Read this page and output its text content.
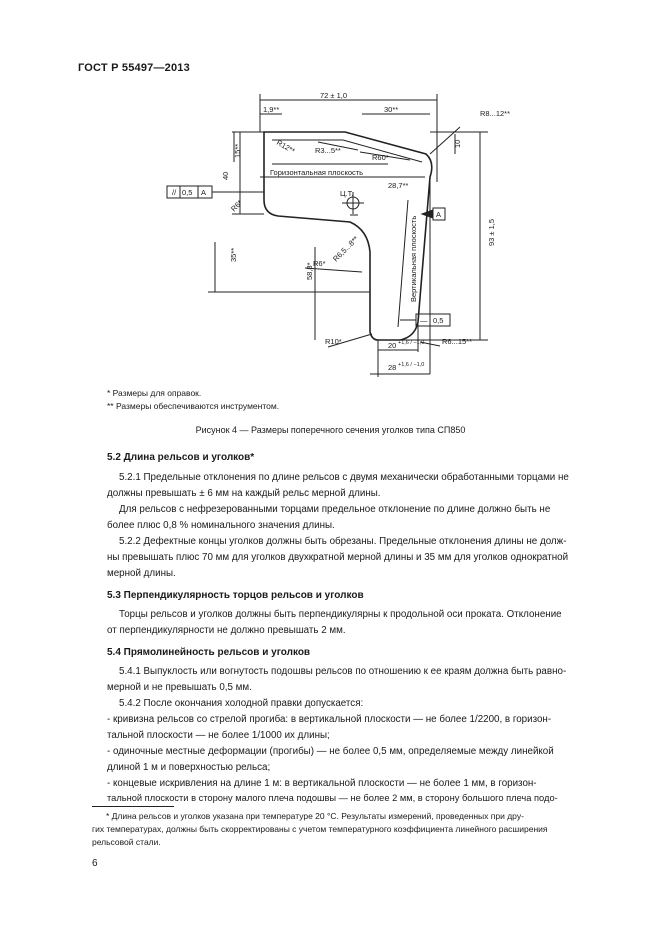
ГОСТ Р 55497—2013
72 ± 1,0
1,9**	30**	R8...12**
R12** R3...5**
R60*
15**
40
10
Горизонтальная плоскость
28,7**
R6*
Ц.Т.
Вертикальная плоскость
35**
93 ± 1,5
58,8* R6*
R6,5...8**
R10*	R6...15**
20 +1,6 / −1,0
28 +1,6 / −1,0
// 0,5 A
A
— 0,5
* Размеры для оправок.
** Размеры обеспечиваются инструментом.
Рисунок 4 — Размеры поперечного сечения уголков типа СП850
5.2 Длина рельсов и уголков*
5.2.1 Предельные отклонения по длине рельсов с двумя механически обработанными торцами не
должны превышать ± 6 мм на каждый рельс мерной длины.
Для рельсов с нефрезерованными торцами предельное отклонение по длине должно быть не
более плюс 0,8 % номинального значения длины.
5.2.2 Дефектные концы уголков должны быть обрезаны. Предельные отклонения длины не долж-
ны превышать плюс 70 мм для уголков двухкратной мерной длины и 35 мм для уголков однократной
мерной длины.
5.3 Перпендикулярность торцов рельсов и уголков
Торцы рельсов и уголков должны быть перпендикулярны к продольной оси проката. Отклонение
от перпендикулярности не должно превышать 2 мм.
5.4 Прямолинейность рельсов и уголков
5.4.1 Выпуклость или вогнутость подошвы рельсов по отношению к ее краям должна быть равно-
мерной и не превышать 0,5 мм.
5.4.2 После окончания холодной правки допускается:
- кривизна рельсов со стрелой прогиба: в вертикальной плоскости — не более 1/2200, в горизон-
тальной плоскости — не более 1/1000 их длины;
- одиночные местные деформации (прогибы) — не более 0,5 мм, определяемые между линейкой
длиной 1 м и поверхностью рельса;
- концевые искривления на длине 1 м: в вертикальной плоскости — не более 1 мм, в горизон-
тальной плоскости в сторону малого плеча подошвы — не более 2 мм, в сторону большого плеча подо-
* Длина рельсов и уголков указана при температуре 20 °С. Результаты измерений, проведенных при дру-
гих температурах, должны быть скорректированы с учетом температурного коэффициента линейного расширения
рельсовой стали.
6
